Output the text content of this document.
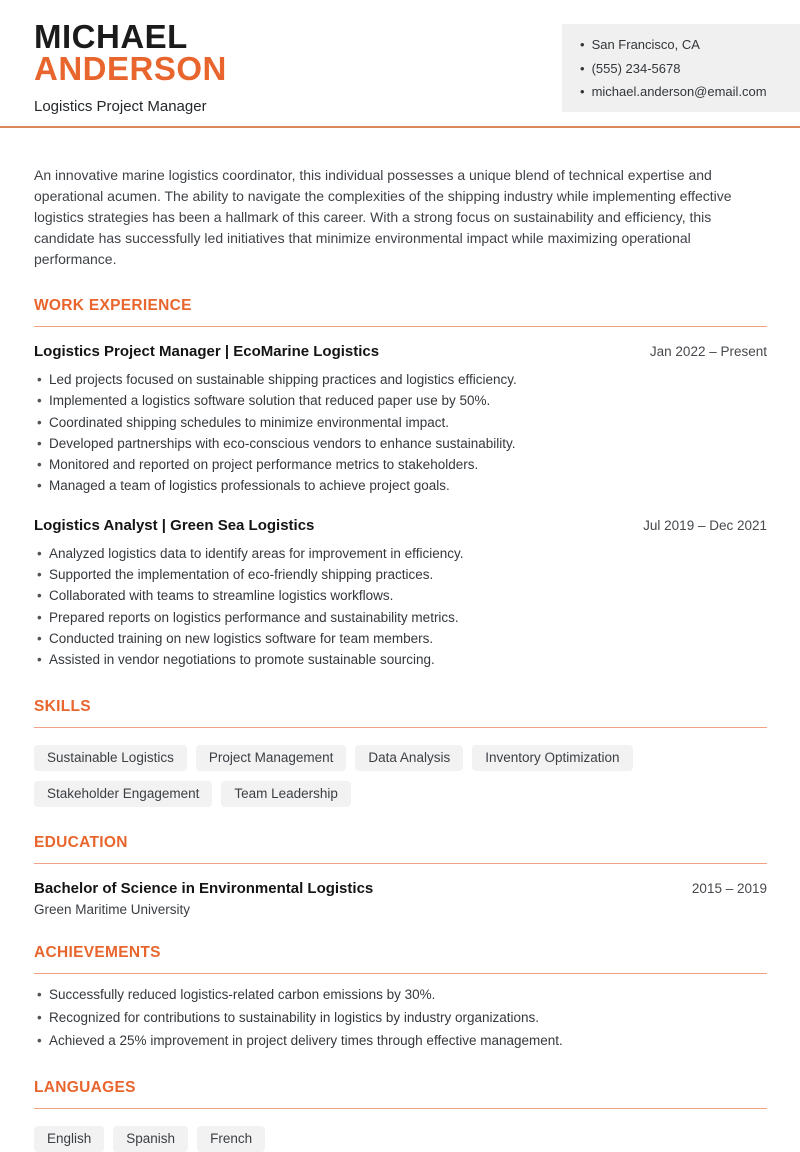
MICHAEL
ANDERSON
Logistics Project Manager
• San Francisco, CA
• (555) 234-5678
• michael.anderson@email.com

An innovative marine logistics coordinator, this individual possesses a unique blend of technical expertise and operational acumen. The ability to navigate the complexities of the shipping industry while implementing effective logistics strategies has been a hallmark of this career. With a strong focus on sustainability and efficiency, this candidate has successfully led initiatives that minimize environmental impact while maximizing operational performance.

WORK EXPERIENCE
Logistics Project Manager | EcoMarine Logistics	Jan 2022 – Present
• Led projects focused on sustainable shipping practices and logistics efficiency.
• Implemented a logistics software solution that reduced paper use by 50%.
• Coordinated shipping schedules to minimize environmental impact.
• Developed partnerships with eco-conscious vendors to enhance sustainability.
• Monitored and reported on project performance metrics to stakeholders.
• Managed a team of logistics professionals to achieve project goals.
Logistics Analyst | Green Sea Logistics	Jul 2019 – Dec 2021
• Analyzed logistics data to identify areas for improvement in efficiency.
• Supported the implementation of eco-friendly shipping practices.
• Collaborated with teams to streamline logistics workflows.
• Prepared reports on logistics performance and sustainability metrics.
• Conducted training on new logistics software for team members.
• Assisted in vendor negotiations to promote sustainable sourcing.
SKILLS
Sustainable Logistics	Project Management	Data Analysis	Inventory Optimization
Stakeholder Engagement	Team Leadership
EDUCATION
Bachelor of Science in Environmental Logistics	2015 – 2019
Green Maritime University
ACHIEVEMENTS
• Successfully reduced logistics-related carbon emissions by 30%.
• Recognized for contributions to sustainability in logistics by industry organizations.
• Achieved a 25% improvement in project delivery times through effective management.
LANGUAGES
English	Spanish	French
